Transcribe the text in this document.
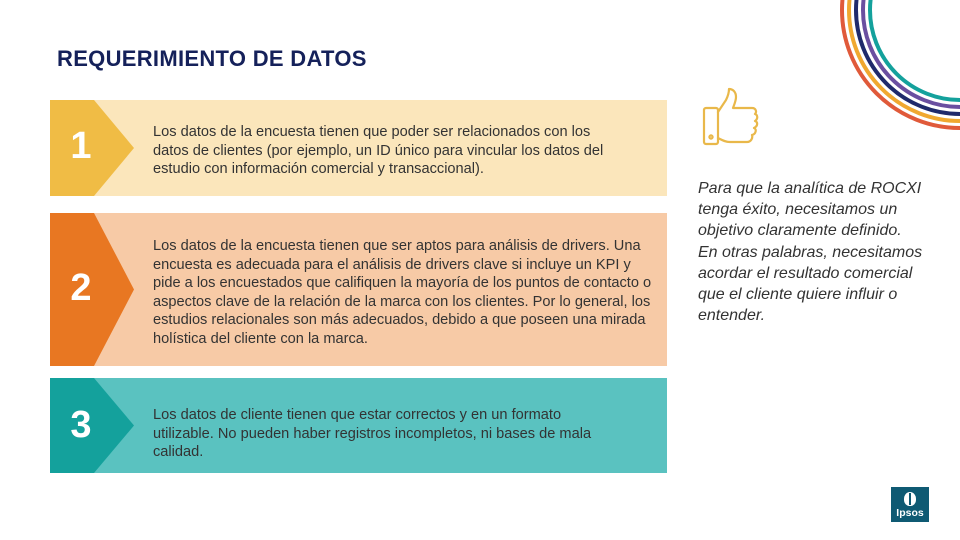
REQUERIMIENTO DE DATOS
1	Los datos de la encuesta tienen que poder ser relacionados con los datos de clientes (por ejemplo, un ID único para vincular los datos del estudio con información comercial y transaccional).
2
Los datos de la encuesta tienen que ser aptos para análisis de drivers. Una encuesta es adecuada para el análisis de drivers clave si incluye un KPI y pide a los encuestados que califiquen la mayoría de los puntos de contacto o aspectos clave de la relación de la marca con los clientes. Por lo general, los estudios relacionales son más adecuados, debido a que poseen una mirada holística del cliente con la marca.
3	Los datos de cliente tienen que estar correctos y en un formato utilizable. No pueden haber registros incompletos, ni bases de mala calidad.
Para que la analítica de ROCXI tenga éxito, necesitamos un objetivo claramente definido. En otras palabras, necesitamos acordar el resultado comercial que el cliente quiere influir o entender.
Ipsos
